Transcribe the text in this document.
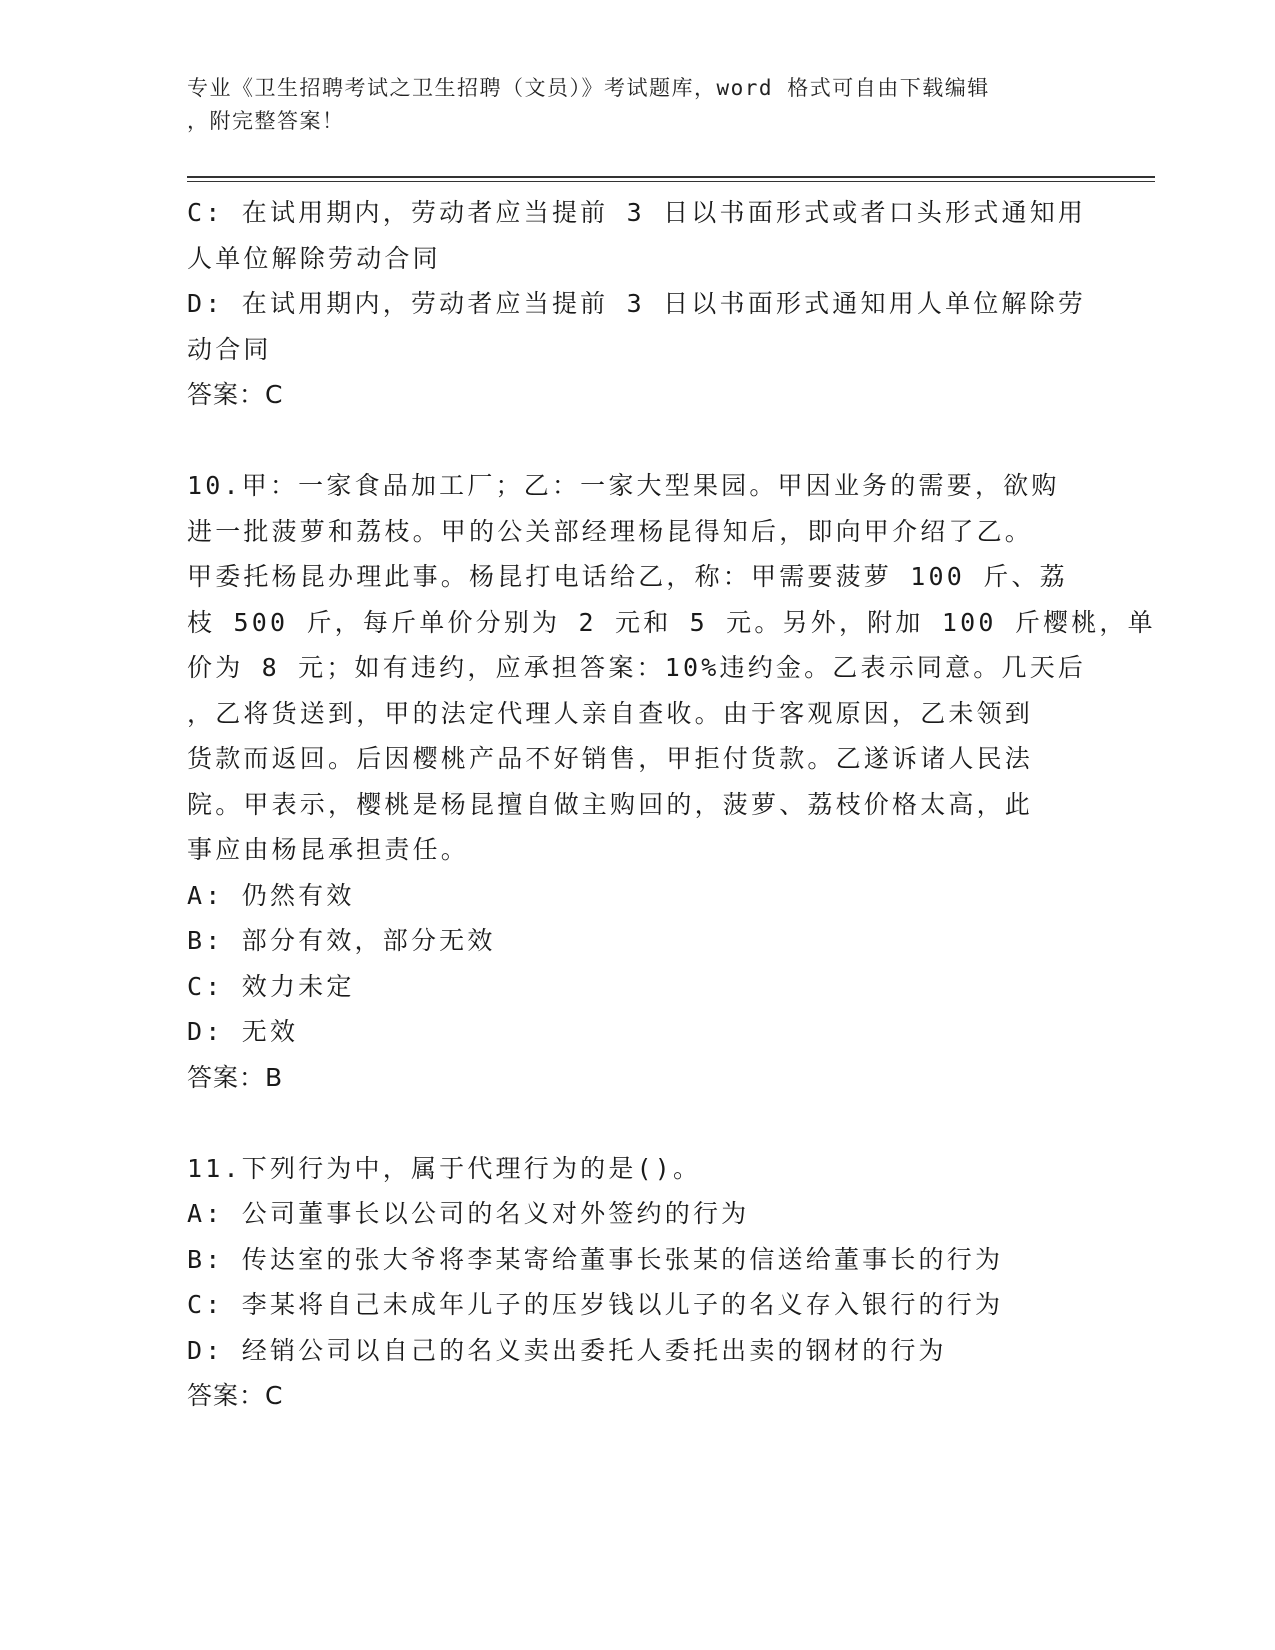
专业《卫生招聘考试之卫生招聘（文员）》考试题库，word 格式可自由下载编辑
，附完整答案！
C: 在试用期内，劳动者应当提前 3 日以书面形式或者口头形式通知用
人单位解除劳动合同
D: 在试用期内，劳动者应当提前 3 日以书面形式通知用人单位解除劳
动合同
答案：C
10.甲：一家食品加工厂；乙：一家大型果园。甲因业务的需要，欲购
进一批菠萝和荔枝。甲的公关部经理杨昆得知后，即向甲介绍了乙。
甲委托杨昆办理此事。杨昆打电话给乙，称：甲需要菠萝 100 斤、荔
枝 500 斤，每斤单价分别为 2 元和 5 元。另外，附加 100 斤樱桃，单
价为 8 元；如有违约，应承担答案：10%违约金。乙表示同意。几天后
，乙将货送到，甲的法定代理人亲自查收。由于客观原因，乙未领到
货款而返回。后因樱桃产品不好销售，甲拒付货款。乙遂诉诸人民法
院。甲表示，樱桃是杨昆擅自做主购回的，菠萝、荔枝价格太高，此
事应由杨昆承担责任。
A: 仍然有效
B: 部分有效，部分无效
C: 效力未定
D: 无效
答案：B
11.下列行为中，属于代理行为的是()。
A: 公司董事长以公司的名义对外签约的行为
B: 传达室的张大爷将李某寄给董事长张某的信送给董事长的行为
C: 李某将自己未成年儿子的压岁钱以儿子的名义存入银行的行为
D: 经销公司以自己的名义卖出委托人委托出卖的钢材的行为
答案：C
